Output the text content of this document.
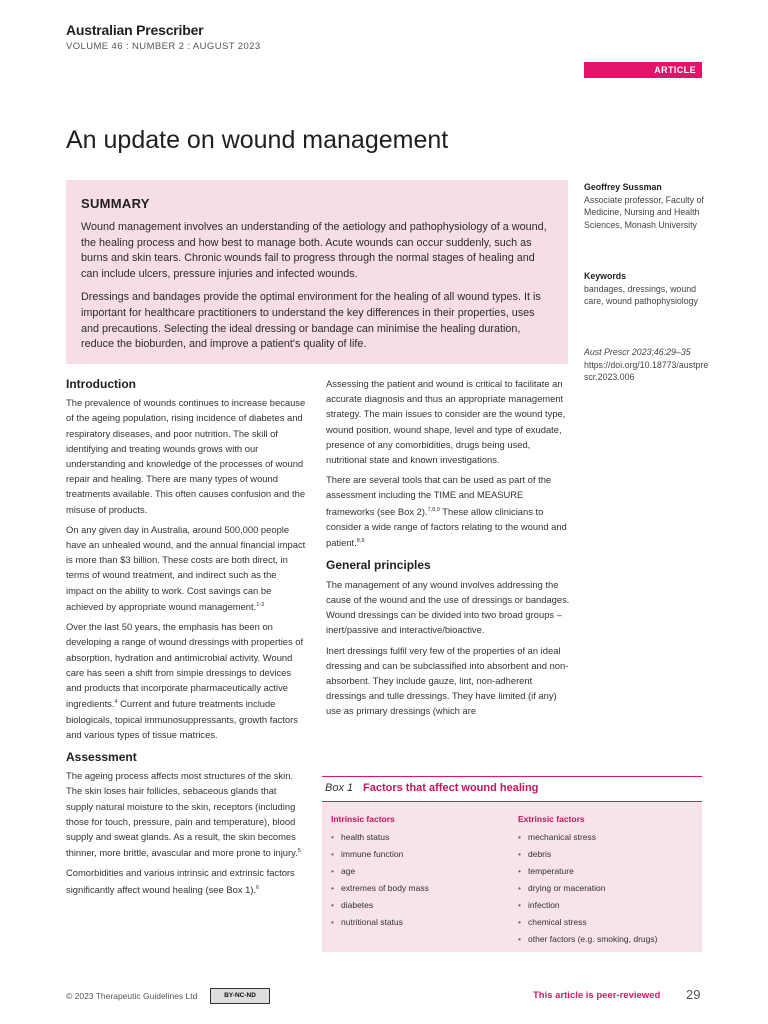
Australian Prescriber
VOLUME 46 : NUMBER 2 : AUGUST 2023
ARTICLE
An update on wound management
SUMMARY

Wound management involves an understanding of the aetiology and pathophysiology of a wound, the healing process and how best to manage both. Acute wounds can occur suddenly, such as burns and skin tears. Chronic wounds fail to progress through the normal stages of healing and can include ulcers, pressure injuries and infected wounds.

Dressings and bandages provide the optimal environment for the healing of all wound types. It is important for healthcare practitioners to understand the key differences in their properties, uses and precautions. Selecting the ideal dressing or bandage can minimise the healing duration, reduce the bioburden, and improve a patient's quality of life.

Geoffrey Sussman
Associate professor, Faculty of Medicine, Nursing and Health Sciences, Monash University
Keywords
bandages, dressings, wound care, wound pathophysiology
Aust Prescr 2023;46:29–35
https://doi.org/10.18773/austprescr.2023.006
Introduction

The prevalence of wounds continues to increase because of the ageing population, rising incidence of diabetes and respiratory diseases, and poor nutrition. The skill of identifying and treating wounds grows with our understanding and knowledge of the processes of wound repair and healing. There are many types of wound treatments available. This often causes confusion and the misuse of products.

On any given day in Australia, around 500,000 people have an unhealed wound, and the annual financial impact is more than $3 billion. These costs are both direct, in terms of wound treatment, and indirect such as the impact on the ability to work. Cost savings can be achieved by appropriate wound management.$^{1-3}$

Over the last 50 years, the emphasis has been on developing a range of wound dressings with properties of absorption, hydration and antimicrobial activity. Wound care has seen a shift from simple dressings to devices and products that incorporate pharmaceutically active ingredients.$^4$ Current and future treatments include biologicals, topical immunosuppressants, growth factors and various types of tissue matrices.

Assessment

The ageing process affects most structures of the skin. The skin loses hair follicles, sebaceous glands that supply natural moisture to the skin, receptors (including those for touch, pressure, pain and temperature), blood supply and sweat glands. As a result, the skin becomes thinner, more brittle, avascular and more prone to injury.$^5$

Comorbidities and various intrinsic and extrinsic factors significantly affect wound healing (see Box 1).$^6$

Assessing the patient and wound is critical to facilitate an accurate diagnosis and thus an appropriate management strategy. The main issues to consider are the wound type, wound position, wound shape, level and type of exudate, presence of any comorbidities, drugs being used, nutritional state and known investigations.

There are several tools that can be used as part of the assessment including the TIME and MEASURE frameworks (see Box 2).$^{7,8,9}$ These allow clinicians to consider a wide range of factors relating to the wound and patient.$^{8,9}$

General principles

The management of any wound involves addressing the cause of the wound and the use of dressings or bandages. Wound dressings can be divided into two broad groups – inert/passive and interactive/bioactive.

Inert dressings fulfil very few of the properties of an ideal dressing and can be subclassified into absorbent and non-absorbent. They include gauze, lint, non-adherent dressings and tulle dressings. They have limited (if any) use as primary dressings (which are

Box 1 Factors that affect wound healing
Intrinsic factors
• health status
• immune function
• age
• extremes of body mass
• diabetes
• nutritional status
Extrinsic factors
• mechanical stress
• debris
• temperature
• drying or maceration
• infection
• chemical stress
• other factors (e.g. smoking, drugs)
© 2023 Therapeutic Guidelines Ltd	BY-NC-ND	This article is peer-reviewed 29
